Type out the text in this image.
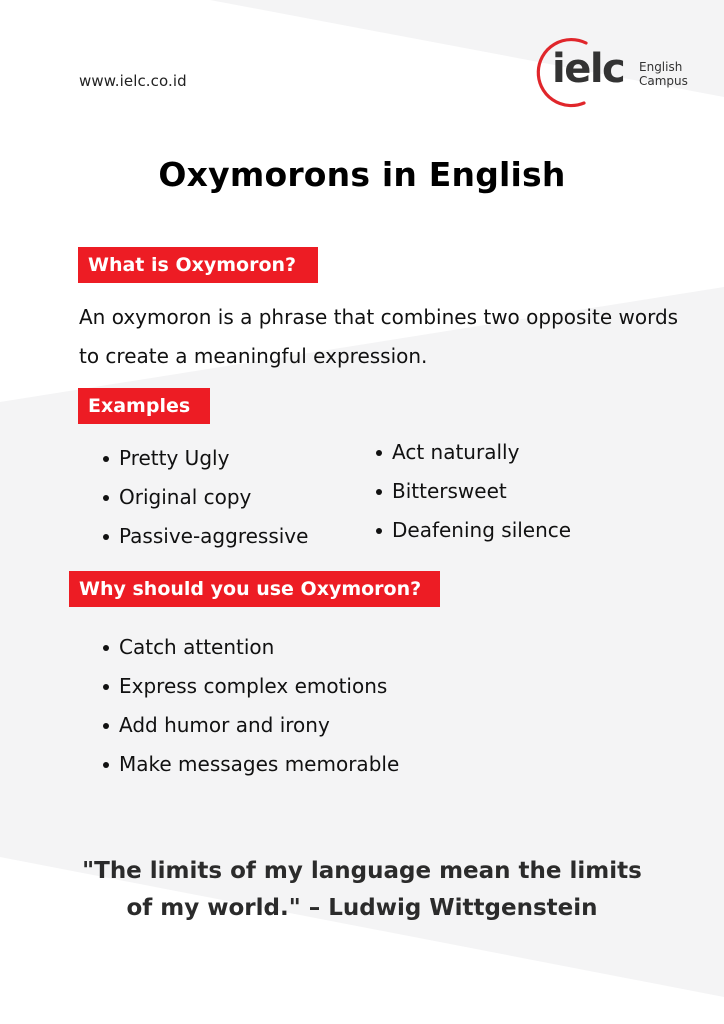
www.ielc.co.id	ielc English
Campus
Oxymorons in English
What is Oxymoron?
An oxymoron is a phrase that combines two opposite words to create a meaningful expression.
Examples
Pretty Ugly
Original copy
Passive-aggressive
Act naturally
Bittersweet
Deafening silence
Why should you use Oxymoron?
Catch attention
Express complex emotions
Add humor and irony
Make messages memorable
"The limits of my language mean the limits
of my world." – Ludwig Wittgenstein
